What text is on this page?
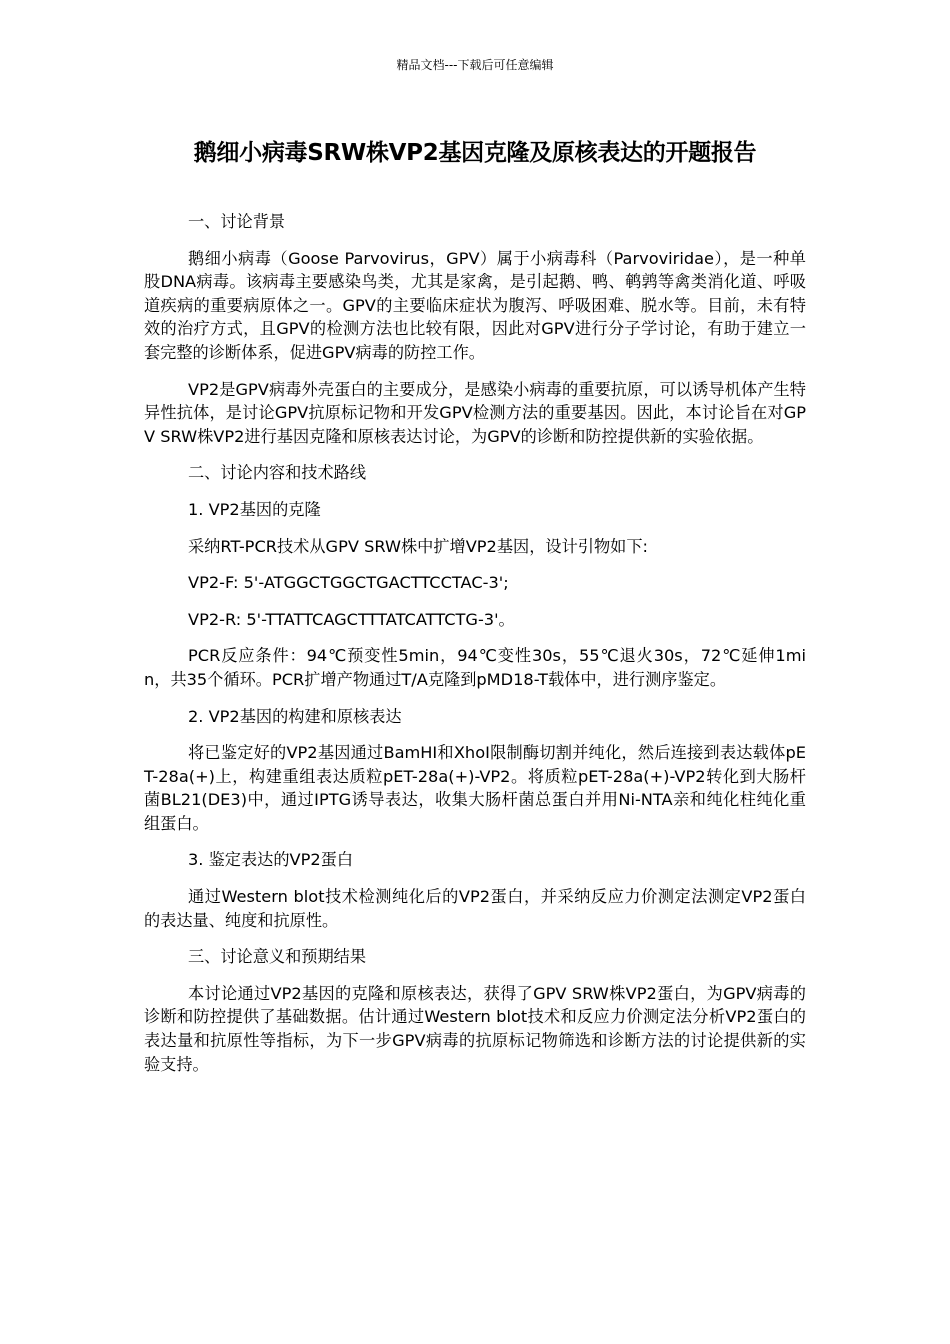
精品文档---下载后可任意编辑
鹅细小病毒SRW株VP2基因克隆及原核表达的开题报告

一、讨论背景

鹅细小病毒（Goose Parvovirus，GPV）属于小病毒科（Parvoviridae），是一种单股DNA病毒。该病毒主要感染鸟类，尤其是家禽，是引起鹅、鸭、鹌鹑等禽类消化道、呼吸道疾病的重要病原体之一。GPV的主要临床症状为腹泻、呼吸困难、脱水等。目前，未有特效的治疗方式，且GPV的检测方法也比较有限，因此对GPV进行分子学讨论，有助于建立一套完整的诊断体系，促进GPV病毒的防控工作。

VP2是GPV病毒外壳蛋白的主要成分，是感染小病毒的重要抗原，可以诱导机体产生特异性抗体，是讨论GPV抗原标记物和开发GPV检测方法的重要基因。因此，本讨论旨在对GPV SRW株VP2进行基因克隆和原核表达讨论，为GPV的诊断和防控提供新的实验依据。

二、讨论内容和技术路线

1. VP2基因的克隆

采纳RT-PCR技术从GPV SRW株中扩增VP2基因，设计引物如下:

VP2-F: 5'-ATGGCTGGCTGACTTCCTAC-3';

VP2-R: 5'-TTATTCAGCTTTATCATTCTG-3'。

PCR反应条件：94℃预变性5min，94℃变性30s，55℃退火30s，72℃延伸1min，共35个循环。PCR扩增产物通过T/A克隆到pMD18-T载体中，进行测序鉴定。

2. VP2基因的构建和原核表达

将已鉴定好的VP2基因通过BamHI和XhoI限制酶切割并纯化，然后连接到表达载体pET-28a(+)上，构建重组表达质粒pET-28a(+)-VP2。将质粒pET-28a(+)-VP2转化到大肠杆菌BL21(DE3)中，通过IPTG诱导表达，收集大肠杆菌总蛋白并用Ni-NTA亲和纯化柱纯化重组蛋白。

3. 鉴定表达的VP2蛋白

通过Western blot技术检测纯化后的VP2蛋白，并采纳反应力价测定法测定VP2蛋白的表达量、纯度和抗原性。

三、讨论意义和预期结果

本讨论通过VP2基因的克隆和原核表达，获得了GPV SRW株VP2蛋白，为GPV病毒的诊断和防控提供了基础数据。估计通过Western blot技术和反应力价测定法分析VP2蛋白的表达量和抗原性等指标，为下一步GPV病毒的抗原标记物筛选和诊断方法的讨论提供新的实验支持。
